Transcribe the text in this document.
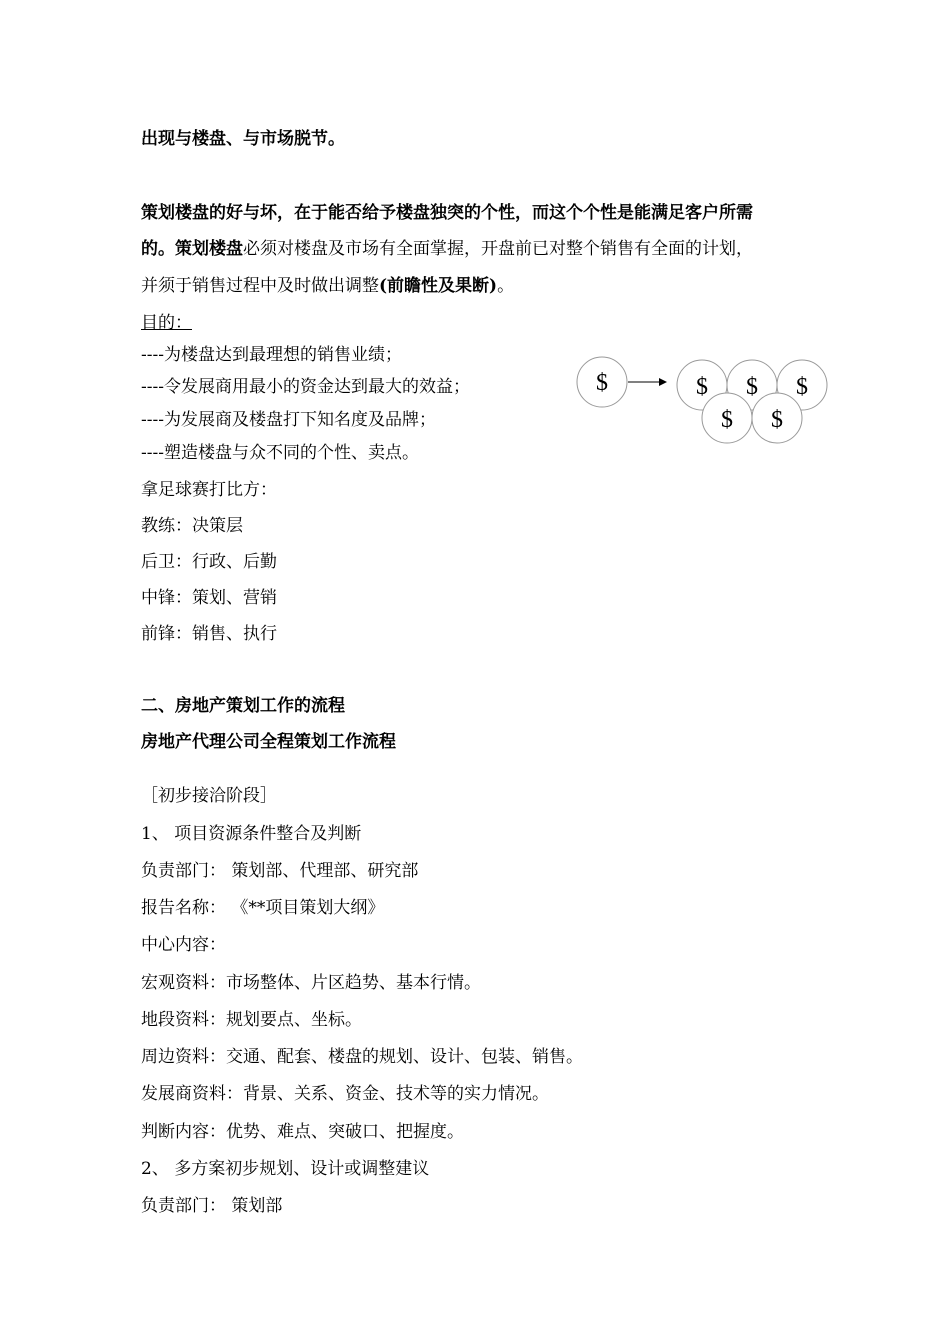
出现与楼盘、与市场脱节。
策划楼盘的好与坏，在于能否给予楼盘独突的个性，而这个个性是能满足客户所需
的。策划楼盘必须对楼盘及市场有全面掌握，开盘前已对整个销售有全面的计划，
并须于销售过程中及时做出调整(前瞻性及果断)。
目的：
----为楼盘达到最理想的销售业绩；
----令发展商用最小的资金达到最大的效益；
----为发展商及楼盘打下知名度及品牌；
----塑造楼盘与众不同的个性、卖点。
$	$ $ $
$ $
拿足球赛打比方：
教练：决策层
后卫：行政、后勤
中锋：策划、营销
前锋：销售、执行
二、房地产策划工作的流程
房地产代理公司全程策划工作流程
［初步接洽阶段］
1、 项目资源条件整合及判断
负责部门： 策划部、代理部、研究部
报告名称： 《**项目策划大纲》
中心内容：
宏观资料：市场整体、片区趋势、基本行情。
地段资料：规划要点、坐标。
周边资料：交通、配套、楼盘的规划、设计、包装、销售。
发展商资料：背景、关系、资金、技术等的实力情况。
判断内容：优势、难点、突破口、把握度。
2、 多方案初步规划、设计或调整建议
负责部门： 策划部
